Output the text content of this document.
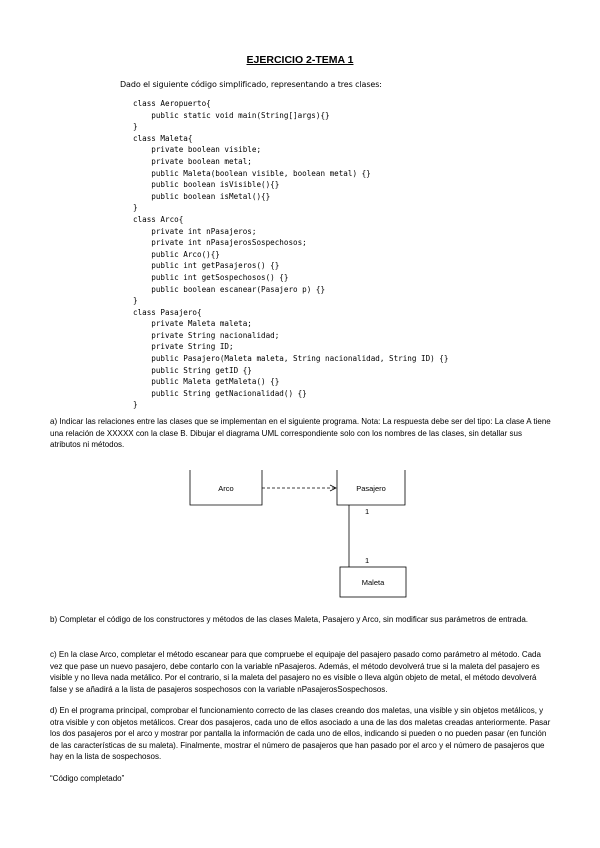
EJERCICIO 2-TEMA 1
Dado el siguiente código simplificado, representando a tres clases:
class Aeropuerto{
public static void main(String[]args){}
}
class Maleta{
private boolean visible;
private boolean metal;
public Maleta(boolean visible, boolean metal) {}
public boolean isVisible(){}
public boolean isMetal(){}
}
class Arco{
private int nPasajeros;
private int nPasajerosSospechosos;
public Arco(){}
public int getPasajeros() {}
public int getSospechosos() {}
public boolean escanear(Pasajero p) {}
}
class Pasajero{
private Maleta maleta;
private String nacionalidad;
private String ID;
public Pasajero(Maleta maleta, String nacionalidad, String ID) {}
public String getID {}
public Maleta getMaleta() {}
public String getNacionalidad() {}
}

a) Indicar las relaciones entre las clases que se implementan en el siguiente programa. Nota: La respuesta debe ser del tipo: La clase A tiene una relación de XXXXX con la clase B. Dibujar el diagrama UML correspondiente solo con los nombres de las clases, sin detallar sus atributos ni métodos.

Arco	Pasajero
1
1
Maleta

b) Completar el código de los constructores y métodos de las clases Maleta, Pasajero y Arco, sin modificar sus parámetros de entrada.

c) En la clase Arco, completar el método escanear para que compruebe el equipaje del pasajero pasado como parámetro al método. Cada vez que pase un nuevo pasajero, debe contarlo con la variable nPasajeros. Además, el método devolverá true si la maleta del pasajero es visible y no lleva nada metálico. Por el contrario, si la maleta del pasajero no es visible o lleva algún objeto de metal, el método devolverá false y se añadirá a la lista de pasajeros sospechosos con la variable nPasajerosSospechosos.

d) En el programa principal, comprobar el funcionamiento correcto de las clases creando dos maletas, una visible y sin objetos metálicos, y otra visible y con objetos metálicos. Crear dos pasajeros, cada uno de ellos asociado a una de las dos maletas creadas anteriormente. Pasar los dos pasajeros por el arco y mostrar por pantalla la información de cada uno de ellos, indicando si pueden o no pueden pasar (en función de las características de su maleta). Finalmente, mostrar el número de pasajeros que han pasado por el arco y el número de pasajeros que hay en la lista de sospechosos.

“Código completado”
